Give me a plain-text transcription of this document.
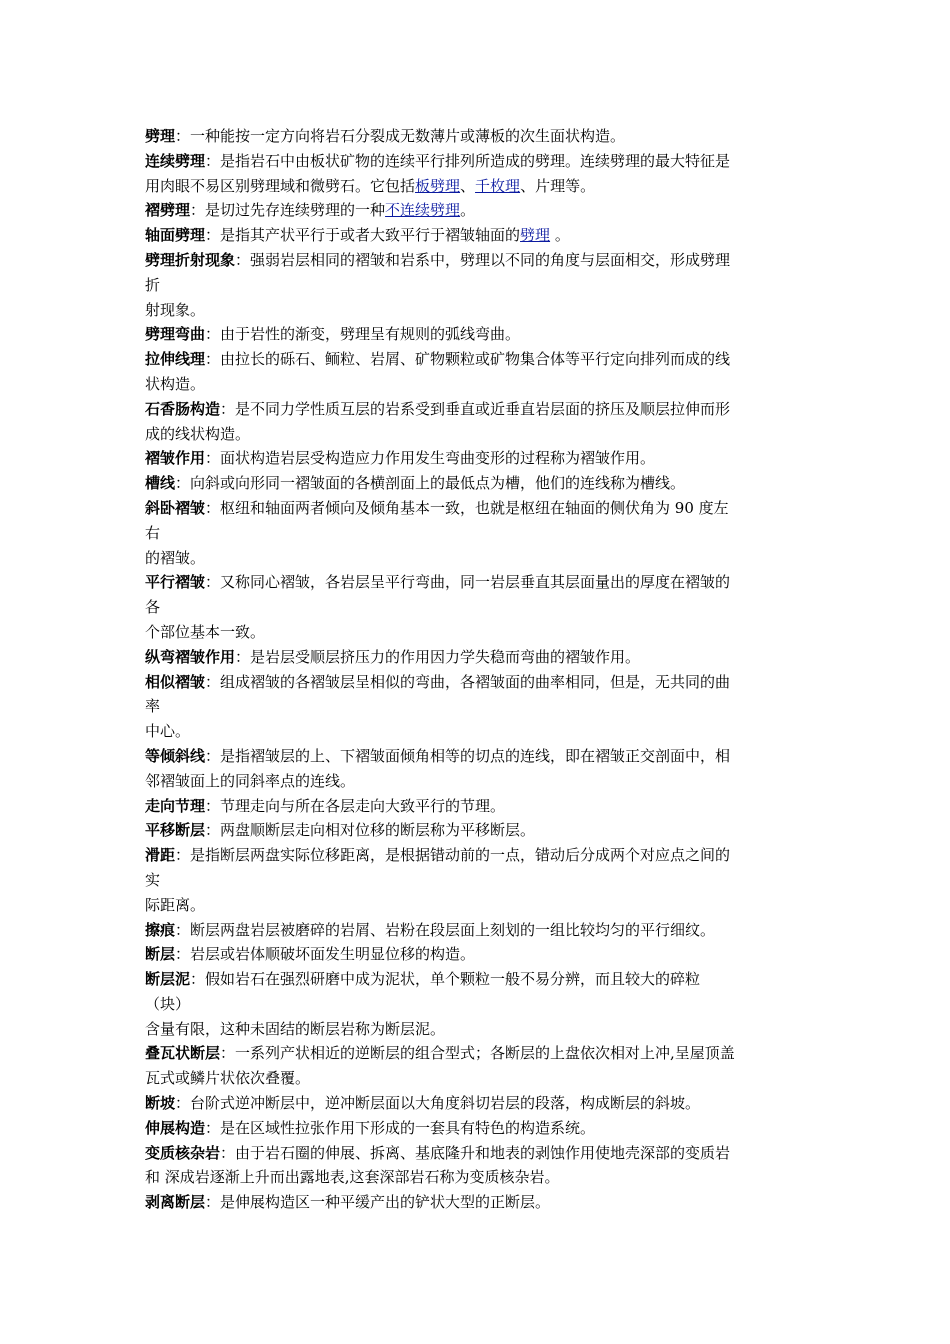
劈理：一种能按一定方向将岩石分裂成无数薄片或薄板的次生面状构造。

连续劈理：是指岩石中由板状矿物的连续平行排列所造成的劈理。连续劈理的最大特征是

用肉眼不易区别劈理域和微劈石。它包括板劈理、千枚理、片理等。

褶劈理：是切过先存连续劈理的一种不连续劈理。

轴面劈理：是指其产状平行于或者大致平行于褶皱轴面的劈理 。

劈理折射现象：强弱岩层相同的褶皱和岩系中，劈理以不同的角度与层面相交，形成劈理

折

射现象。

劈理弯曲：由于岩性的渐变，劈理呈有规则的弧线弯曲。

拉伸线理：由拉长的砾石、鲕粒、岩屑、矿物颗粒或矿物集合体等平行定向排列而成的线

状构造。

石香肠构造：是不同力学性质互层的岩系受到垂直或近垂直岩层面的挤压及顺层拉伸而形

成的线状构造。

褶皱作用：面状构造岩层受构造应力作用发生弯曲变形的过程称为褶皱作用。

槽线：向斜或向形同一褶皱面的各横剖面上的最低点为槽，他们的连线称为槽线。

斜卧褶皱：枢纽和轴面两者倾向及倾角基本一致，也就是枢纽在轴面的侧伏角为 90 度左

右

的褶皱。

平行褶皱：又称同心褶皱，各岩层呈平行弯曲，同一岩层垂直其层面量出的厚度在褶皱的

各

个部位基本一致。

纵弯褶皱作用：是岩层受顺层挤压力的作用因力学失稳而弯曲的褶皱作用。

相似褶皱：组成褶皱的各褶皱层呈相似的弯曲，各褶皱面的曲率相同，但是，无共同的曲

率

中心。

等倾斜线：是指褶皱层的上、下褶皱面倾角相等的切点的连线，即在褶皱正交剖面中，相

邻褶皱面上的同斜率点的连线。

走向节理：节理走向与所在各层走向大致平行的节理。

平移断层：两盘顺断层走向相对位移的断层称为平移断层。

滑距：是指断层两盘实际位移距离，是根据错动前的一点，错动后分成两个对应点之间的

实

际距离。

擦痕：断层两盘岩层被磨碎的岩屑、岩粉在段层面上刻划的一组比较均匀的平行细纹。

断层：岩层或岩体顺破坏面发生明显位移的构造。

断层泥：假如岩石在强烈研磨中成为泥状，单个颗粒一般不易分辨，而且较大的碎粒

（块）

含量有限，这种未固结的断层岩称为断层泥。

叠瓦状断层：一系列产状相近的逆断层的组合型式；各断层的上盘依次相对上冲,呈屋顶盖

瓦式或鳞片状依次叠覆。

断坡：台阶式逆冲断层中，逆冲断层面以大角度斜切岩层的段落，构成断层的斜坡。

伸展构造：是在区域性拉张作用下形成的一套具有特色的构造系统。

变质核杂岩：由于岩石圈的伸展、拆离、基底隆升和地表的剥蚀作用使地壳深部的变质岩

和 深成岩逐渐上升而出露地表,这套深部岩石称为变质核杂岩。

剥离断层：是伸展构造区一种平缓产出的铲状大型的正断层。
